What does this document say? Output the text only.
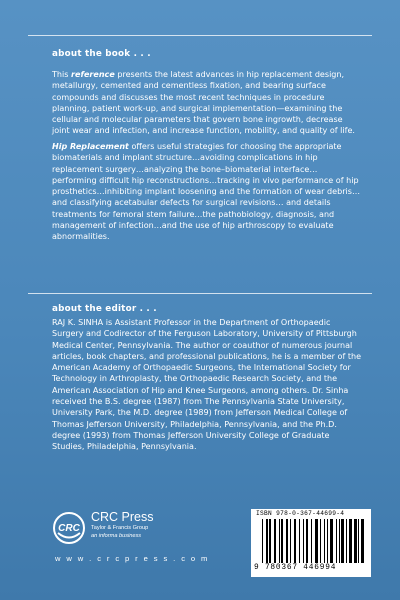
about the book . . .
This reference presents the latest advances in hip replacement design, metallurgy, cemented and cementless fixation, and bearing surface compounds and discusses the most recent techniques in procedure planning, patient work-up, and surgical implementation—examining the cellular and molecular parameters that govern bone ingrowth, decrease joint wear and infection, and increase function, mobility, and quality of life.
Hip Replacement offers useful strategies for choosing the appropriate biomaterials and implant structure…avoiding complications in hip replacement surgery…analyzing the bone–biomaterial interface… performing difficult hip reconstructions…tracking in vivo performance of hip prosthetics…inhibiting implant loosening and the formation of wear debris…and classifying acetabular defects for surgical revisions… and details treatments for femoral stem failure…the pathobiology, diagnosis, and management of infection…and the use of hip arthroscopy to evaluate abnormalities.
about the editor . . .
RAJ K. SINHA is Assistant Professor in the Department of Orthopaedic Surgery and Codirector of the Ferguson Laboratory, University of Pittsburgh Medical Center, Pennsylvania. The author or coauthor of numerous journal articles, book chapters, and professional publications, he is a member of the American Academy of Orthopaedic Surgeons, the International Society for Technology in Arthroplasty, the Orthopaedic Research Society, and the American Association of Hip and Knee Surgeons, among others. Dr. Sinha received the B.S. degree (1987) from The Pennsylvania State University, University Park, the M.D. degree (1989) from Jefferson Medical College of Thomas Jefferson University, Philadelphia, Pennsylvania, and the Ph.D. degree (1993) from Thomas Jefferson University College of Graduate Studies, Philadelphia, Pennsylvania.
CRC
CRC Press
Taylor & Francis Group
an informa business
w w w . c r c p r e s s . c o m
ISBN 978-0-367-44699-4
9 780367 446994
